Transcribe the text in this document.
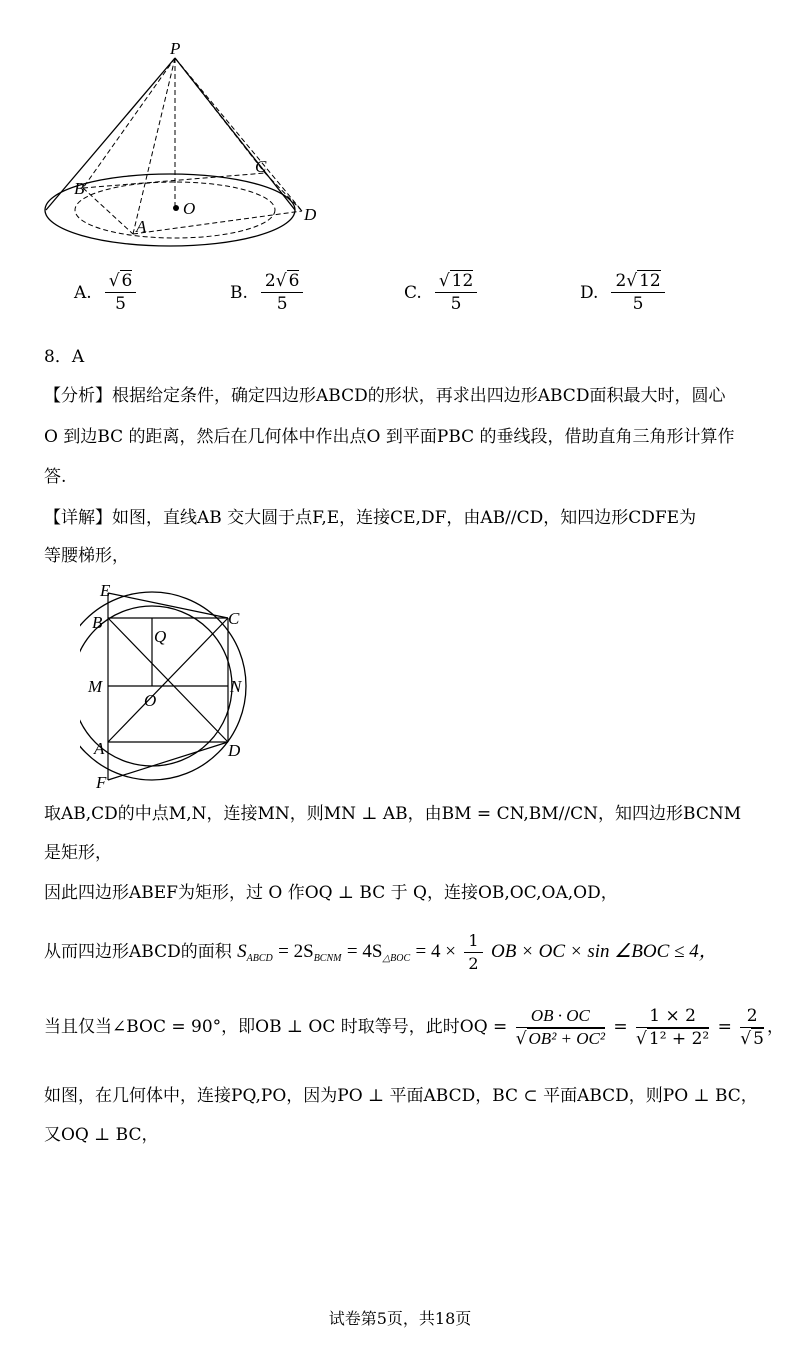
P
B
C
A
O	D
A. $\frac{√ 6}{5}$	B. $\frac{2√ 6}{5}$	C. $\frac{√ 12}{5}$	D. $\frac{2√ 12}{5}$
8．A
【分析】根据给定条件，确定四边形ABCD的形状，再求出四边形ABCD面积最大时，圆心
O 到边BC 的距离，然后在几何体中作出点O 到平面PBC 的垂线段，借助直角三角形计算作
答.
【详解】如图，直线AB 交大圆于点F,E，连接CE,DF，由AB//CD，知四边形CDFE为
等腰梯形，
E
B	C
Q
M
O
N
A	D
F
取AB,CD的中点M,N，连接MN，则MN ⊥ AB，由BM = CN,BM//CN，知四边形BCNM
是矩形，
因此四边形ABEF为矩形，过 O 作OQ ⊥ BC 于 Q，连接OB,OC,OA,OD，
从而四边形ABCD的面积 $S_{ABCD} = 2S_{BCNM} = 4S_{\triangle BOC} = 4 \times \frac{1}{2}$ OB × OC × sin ∠BOC ≤ 4，
当且仅当∠BOC = 90°，即OB ⊥ OC 时取等号，此时OQ = $\frac{OB \cdot OC}{\text{√ OB² + OC²}} = \frac{1 \times 2}{\text{√ 1² + 2²}} = \frac{2}{√ 5}$ ，
如图，在几何体中，连接PQ,PO，因为PO ⊥ 平面ABCD，BC ⊂ 平面ABCD，则PO ⊥ BC，
又OQ ⊥ BC，
试卷第5页，共18页
